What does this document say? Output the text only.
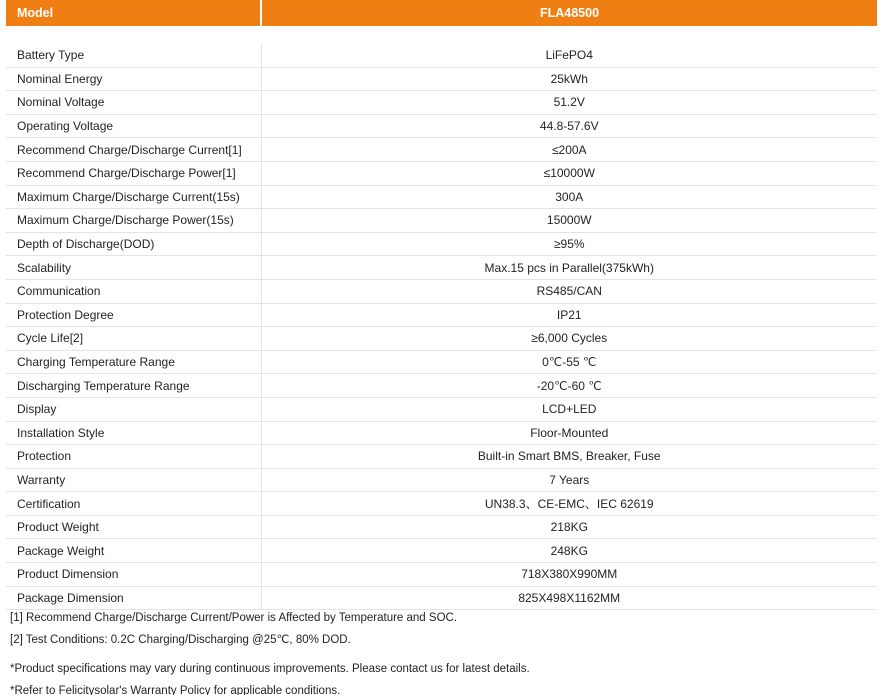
Model	FLA48500

Battery Type	LiFePO4
Nominal Energy	25kWh
Nominal Voltage	51.2V
Operating Voltage	44.8-57.6V
Recommend Charge/Discharge Current[1]	≤200A
Recommend Charge/Discharge Power[1]	≤10000W
Maximum Charge/Discharge Current(15s)	300A
Maximum Charge/Discharge Power(15s)	15000W
Depth of Discharge(DOD)	≥95%
Scalability	Max.15 pcs in Parallel(375kWh)
Communication	RS485/CAN
Protection Degree	IP21
Cycle Life[2]	≥6,000 Cycles
Charging Temperature Range	0℃-55 ℃
Discharging Temperature Range	-20℃-60 ℃
Display	LCD+LED
Installation Style	Floor-Mounted
Protection	Built-in Smart BMS, Breaker, Fuse
Warranty	7 Years
Certification	UN38.3、CE-EMC、IEC 62619
Product Weight	218KG
Package Weight	248KG
Product Dimension	718X380X990MM
Package Dimension	825X498X1162MM
[1] Recommend Charge/Discharge Current/Power is Affected by Temperature and SOC.
[2] Test Conditions: 0.2C Charging/Discharging @25℃, 80% DOD.
*Product specifications may vary during continuous improvements. Please contact us for latest details.
*Refer to Felicitysolar's Warranty Policy for applicable conditions.
